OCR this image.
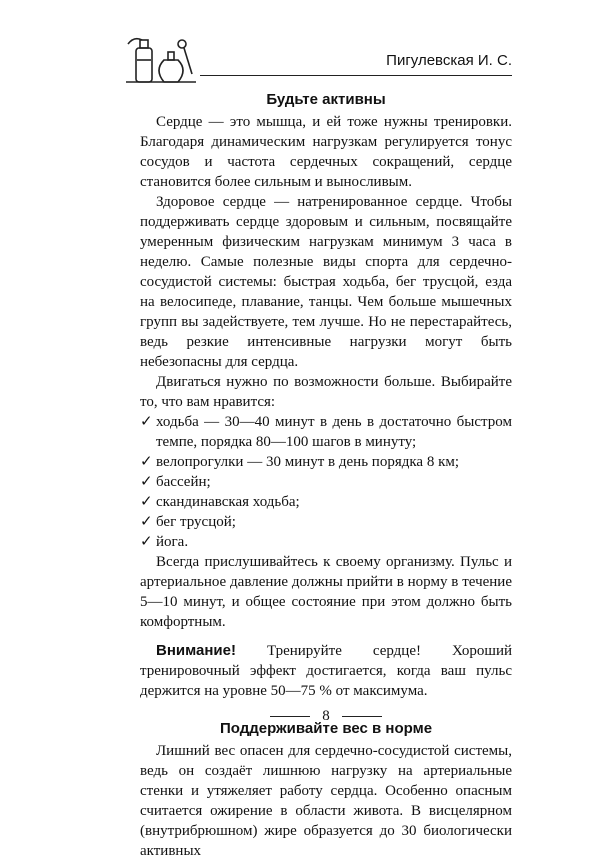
Пигулевская И. С.
Будьте активны

Сердце — это мышца, и ей тоже нужны тренировки. Благодаря динамическим нагрузкам регулируется тонус сосудов и частота сердечных сокращений, сердце становится более сильным и выносливым.

Здоровое сердце — натренированное сердце. Чтобы поддерживать сердце здоровым и сильным, посвящайте умеренным физическим нагрузкам минимум 3 часа в неделю. Самые полезные виды спорта для сердечно-сосудистой системы: быстрая ходьба, бег трусцой, езда на велосипеде, плавание, танцы. Чем больше мышечных групп вы задействуете, тем лучше. Но не перестарайтесь, ведь резкие интенсивные нагрузки могут быть небезопасны для сердца.

Двигаться нужно по возможности больше. Выбирайте то, что вам нравится:

✓ ходьба — 30—40 минут в день в достаточно быстром темпе, порядка 80—100 шагов в минуту;
✓ велопрогулки — 30 минут в день порядка 8 км;
✓ бассейн;
✓ скандинавская ходьба;
✓ бег трусцой;
✓ йога.

Всегда прислушивайтесь к своему организму. Пульс и артериальное давление должны прийти в норму в течение 5—10 минут, и общее состояние при этом должно быть комфортным.

Внимание! Тренируйте сердце! Хороший тренировочный эффект достигается, когда ваш пульс держится на уровне 50—75 % от максимума.

Поддерживайте вес в норме

Лишний вес опасен для сердечно-сосудистой системы, ведь он создаёт лишнюю нагрузку на артериальные стенки и утяжеляет работу сердца. Особенно опасным считается ожирение в области живота. В висцелярном (внутрибрюшном) жире образуется до 30 биологически активных

8
